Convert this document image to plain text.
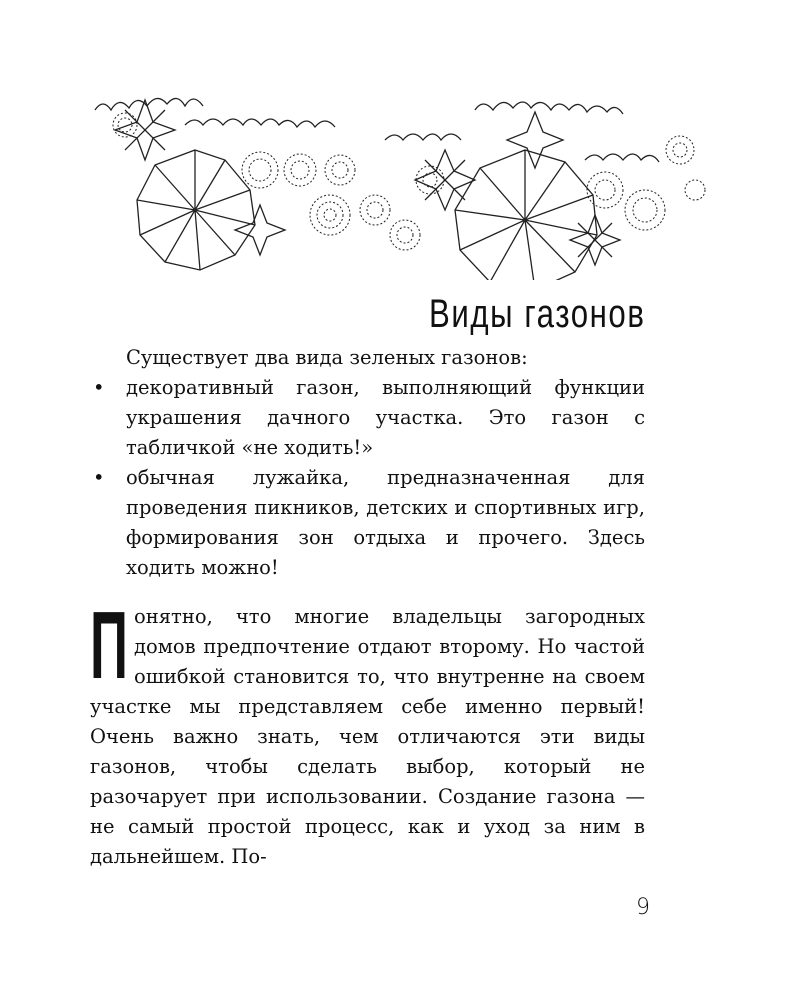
Виды газонов
Существует два вида зеленых газонов:
• декоративный газон, выполняющий функции украшения дачного участка. Это газон с табличкой «не ходить!»
• обычная лужайка, предназначенная для проведения пикников, детских и спортивных игр, формирования зон отдыха и прочего. Здесь ходить можно!
Понятно, что многие владельцы загородных домов предпочтение отдают второму. Но частой ошибкой становится то, что внутренне на своем участке мы представляем себе именно первый! Очень важно знать, чем отличаются эти виды газонов, чтобы сделать выбор, который не разочарует при использовании. Создание газона — не самый простой процесс, как и уход за ним в дальнейшем. По-
9
